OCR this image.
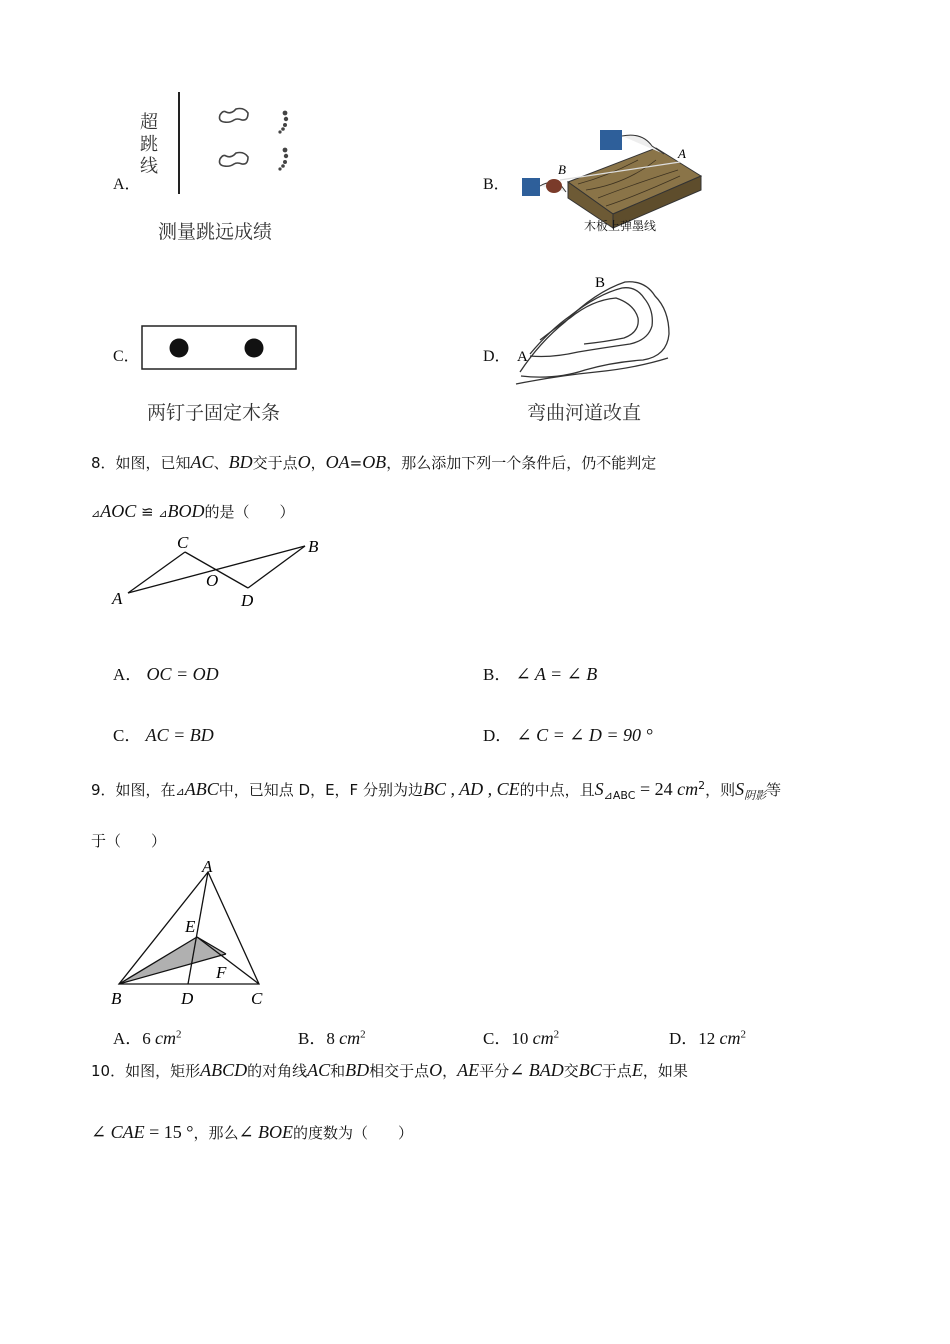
A．
超
跳
线
测量跳远成绩
B．
B
A
木板上弹墨线
C．
两钉子固定木条
D．
B
A
弯曲河道改直
8．如图，已知AC、BD交于点O，OA=OB，那么添加下列一个条件后，仍不能判定
⊿AOC ≌ ⊿BOD的是（　　）
A
B
C
D
O
A． OC = OD	B． ∠ A = ∠ B
C． AC = BD	D． ∠ C = ∠ D = 90 °
9．如图，在⊿ABC中，已知点 D，E，F 分别为边BC , AD , CE的中点，且$S_{⊿ABC} = 24$ $cm^2$，则$S_{阴影}$等
于（　　）
A
B	C
D
E
F
A．6 $cm^2$	B．8 $cm^2$	C．10 $cm^2$	D．12 $cm^2$
10．如图，矩形ABCD的对角线AC和BD相交于点O，AE平分∠ BAD交BC于点E，如果
∠ CAE = 15 °，那么∠ BOE的度数为（　　）
